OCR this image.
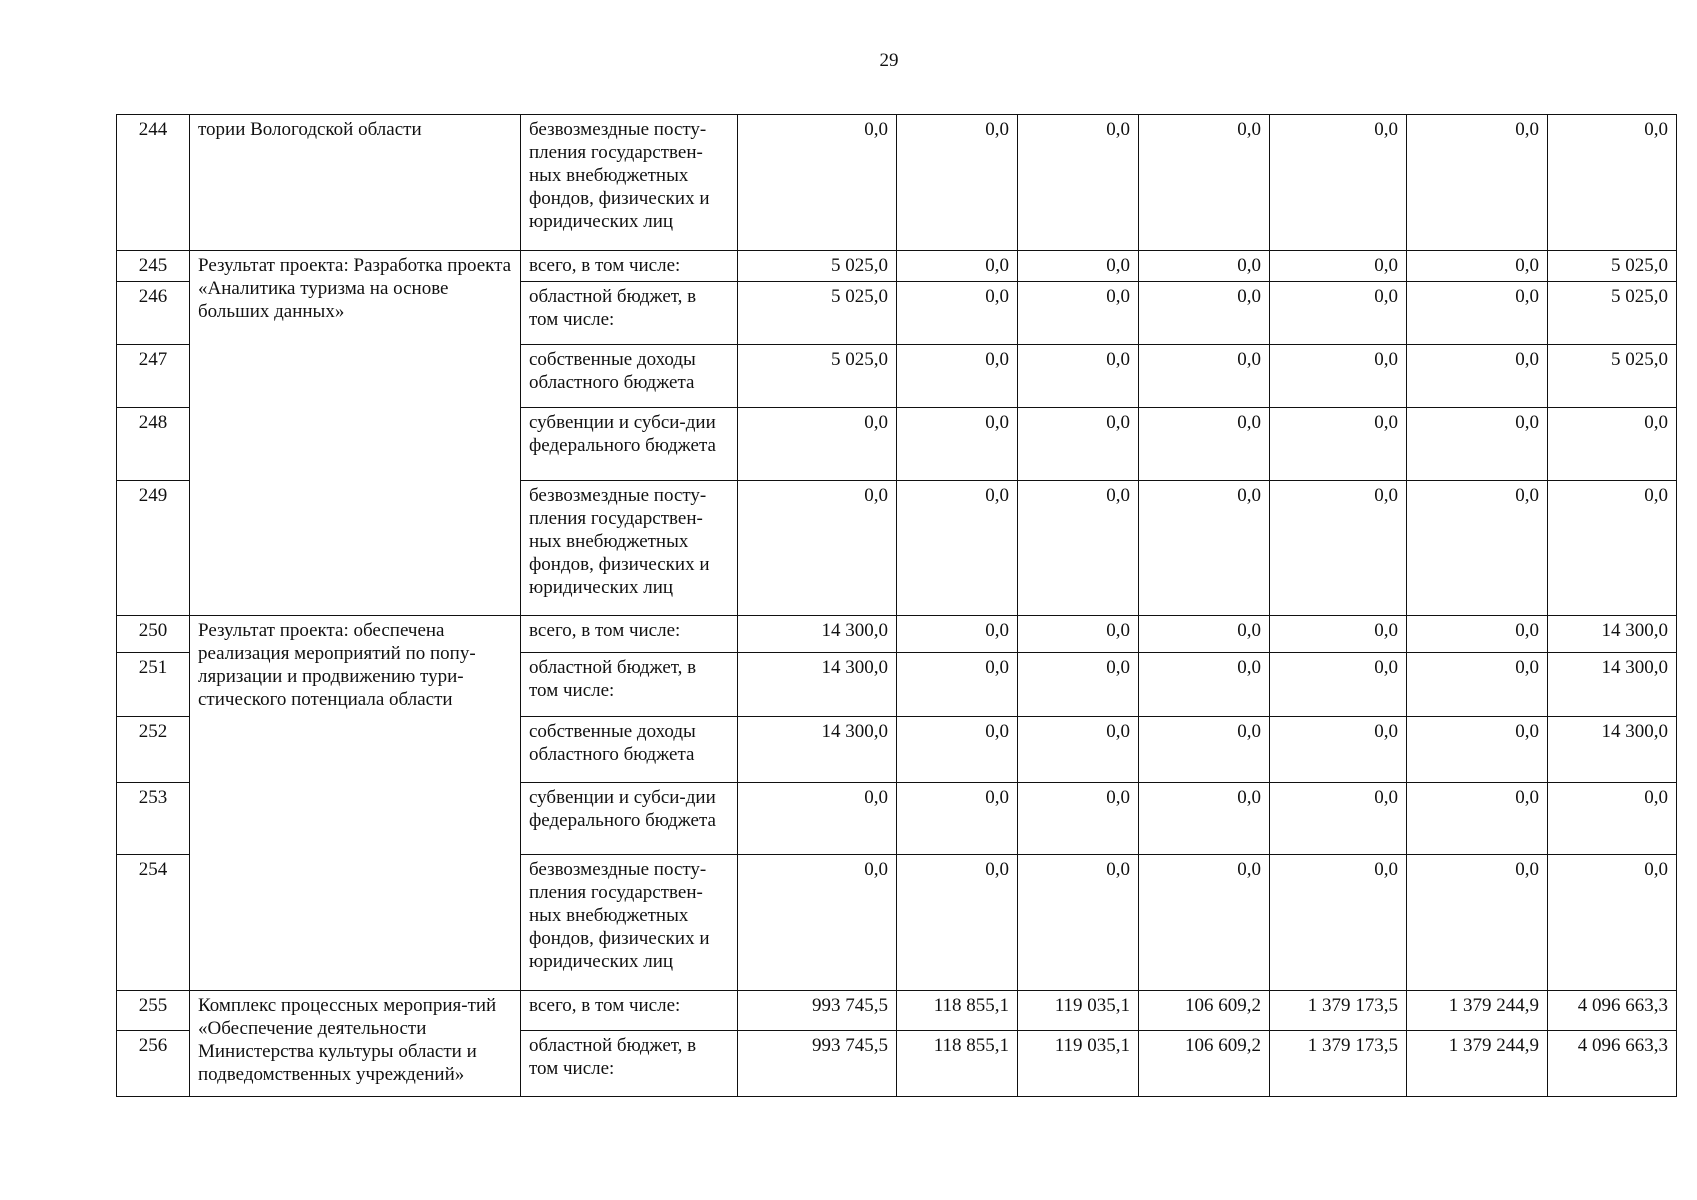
29
244	тории Вологодской области	безвозмездные посту-пления государствен-ных внебюджетных фондов, физических и юридических лиц	0,0	0,0	0,0	0,0	0,0	0,0	0,0
245	Результат проекта: Разработка проекта «Аналитика туризма на основе больших данных»	всего, в том числе:	5 025,0	0,0	0,0	0,0	0,0	0,0	5 025,0
246		областной бюджет, в том числе:	5 025,0	0,0	0,0	0,0	0,0	0,0	5 025,0
247		собственные доходы областного бюджета	5 025,0	0,0	0,0	0,0	0,0	0,0	5 025,0
248		субвенции и субси-дии федерального бюджета	0,0	0,0	0,0	0,0	0,0	0,0	0,0
249		безвозмездные посту-пления государствен-ных внебюджетных фондов, физических и юридических лиц	0,0	0,0	0,0	0,0	0,0	0,0	0,0
250	Результат проекта: обеспечена реализация мероприятий по попу-ляризации и продвижению тури-стического потенциала области	всего, в том числе:	14 300,0	0,0	0,0	0,0	0,0	0,0	14 300,0
251		областной бюджет, в том числе:	14 300,0	0,0	0,0	0,0	0,0	0,0	14 300,0
252		собственные доходы областного бюджета	14 300,0	0,0	0,0	0,0	0,0	0,0	14 300,0
253		субвенции и субси-дии федерального бюджета	0,0	0,0	0,0	0,0	0,0	0,0	0,0
254		безвозмездные посту-пления государствен-ных внебюджетных фондов, физических и юридических лиц	0,0	0,0	0,0	0,0	0,0	0,0	0,0
255	Комплекс процессных мероприя-тий «Обеспечение деятельности Министерства культуры области и подведомственных учреждений»	всего, в том числе:	993 745,5	118 855,1	119 035,1	106 609,2	1 379 173,5	1 379 244,9	4 096 663,3
256		областной бюджет, в том числе:	993 745,5	118 855,1	119 035,1	106 609,2	1 379 173,5	1 379 244,9	4 096 663,3
